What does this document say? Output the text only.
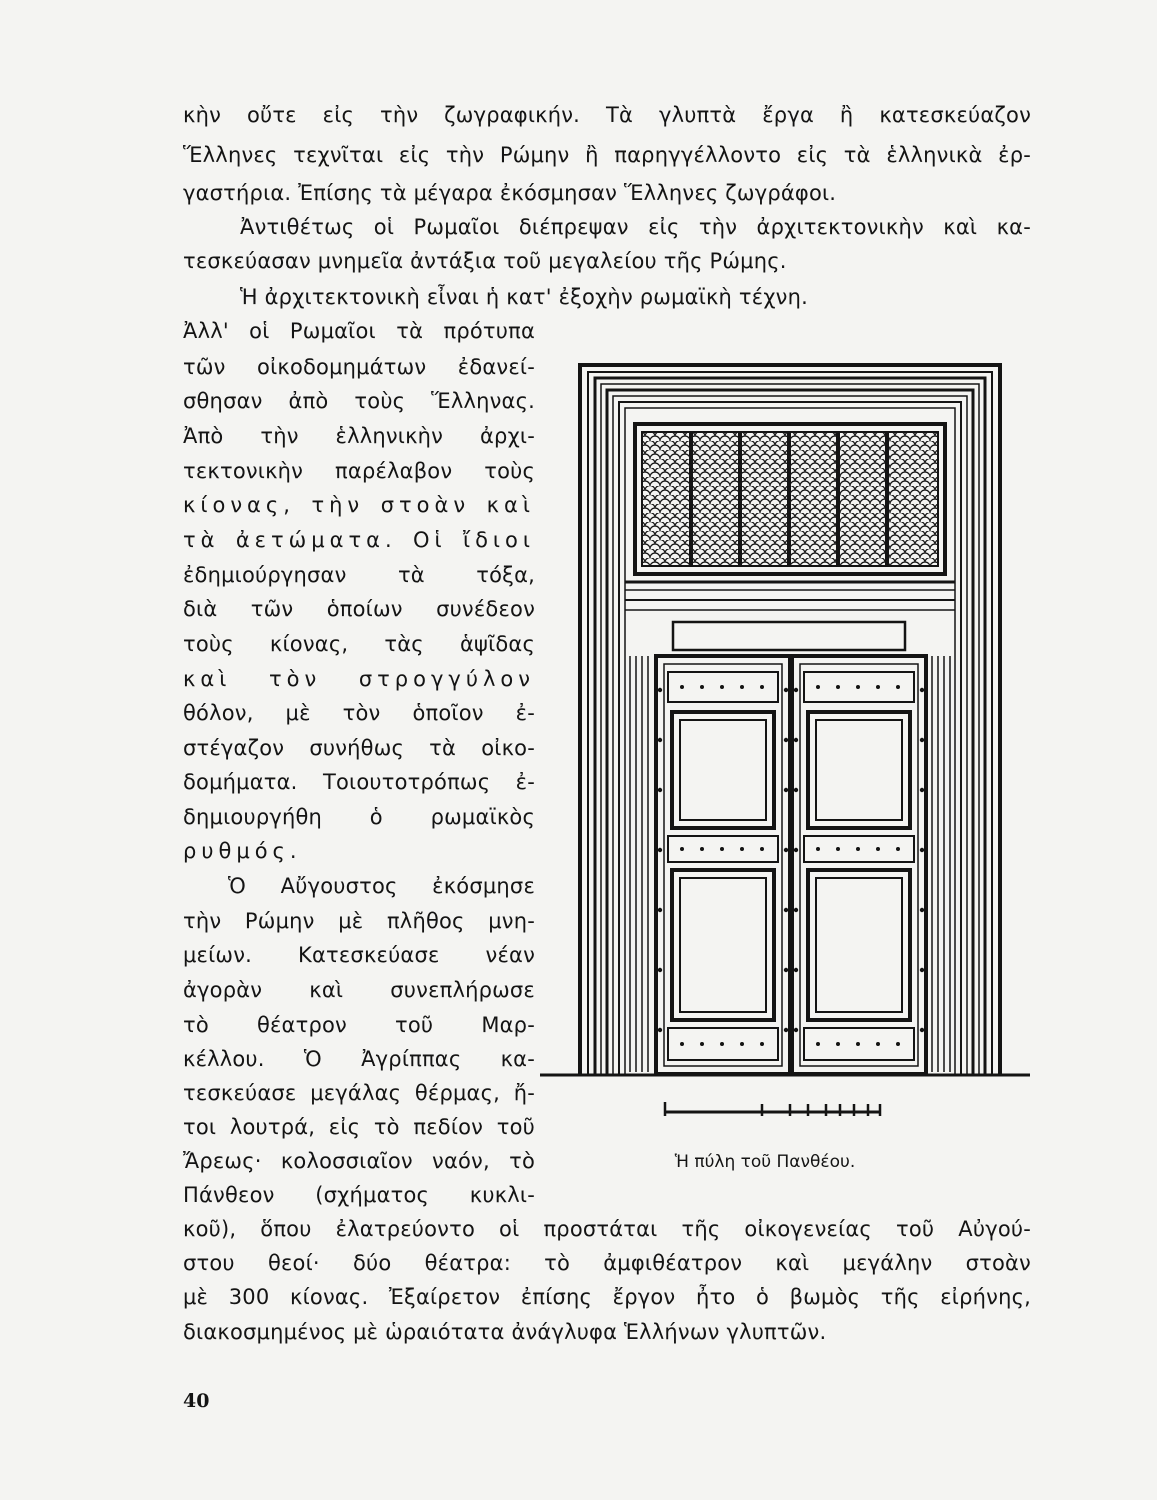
κὴν οὔτε εἰς τὴν ζωγραφικήν. Τὰ γλυπτὰ ἔργα ἢ κατεσκεύαζον

Ἕλληνες τεχνῖται εἰς τὴν Ρώμην ἢ παρηγγέλλοντο εἰς τὰ ἑλληνικὰ ἐρ-

γαστήρια. Ἐπίσης τὰ μέγαρα ἐκόσμησαν Ἕλληνες ζωγράφοι.

Ἀντιθέτως οἱ Ρωμαῖοι διέπρεψαν εἰς τὴν ἀρχιτεκτονικὴν καὶ κα-

τεσκεύασαν μνημεῖα ἀντάξια τοῦ μεγαλείου τῆς Ρώμης.

Ἡ ἀρχιτεκτονικὴ εἶναι ἡ κατ' ἐξοχὴν ρωμαϊκὴ τέχνη.

Ἀλλ' οἱ Ρωμαῖοι τὰ πρότυπα

τῶν οἰκοδομημάτων ἐδανεί-

σθησαν ἀπὸ τοὺς Ἕλληνας.

Ἀπὸ τὴν ἑλληνικὴν ἀρχι-

τεκτονικὴν παρέλαβον τοὺς

κίονας, τὴν στοὰν καὶ

τὰ ἀετώματα. Οἱ ἴδιοι

ἐδημιούργησαν τὰ τόξα,

διὰ τῶν ὁποίων συνέδεον

τοὺς κίονας, τὰς ἁψῖδας

καὶ τὸν στρογγύλον

θόλον, μὲ τὸν ὁποῖον ἐ-

στέγαζον συνήθως τὰ οἰκο-

δομήματα. Τοιουτοτρόπως ἐ-

δημιουργήθη ὁ ρωμαϊκὸς

ρυθμός.

Ὁ Αὔγουστος ἐκόσμησε

τὴν Ρώμην μὲ πλῆθος μνη-

μείων. Κατεσκεύασε νέαν

ἀγορὰν καὶ συνεπλήρωσε

τὸ θέατρον τοῦ Μαρ-

κέλλου. Ὁ Ἀγρίππας κα-

τεσκεύασε μεγάλας θέρμας, ἤ-

τοι λουτρά, εἰς τὸ πεδίον τοῦ

Ἄρεως· κολοσσιαῖον ναόν, τὸ

Πάνθεον (σχήματος κυκλι-

κοῦ), ὅπου ἐλατρεύοντο οἱ προστάται τῆς οἰκογενείας τοῦ Αὐγού-

στου θεοί· δύο θέατρα: τὸ ἀμφιθέατρον καὶ μεγάλην στοὰν

μὲ 300 κίονας. Ἐξαίρετον ἐπίσης ἔργον ἦτο ὁ βωμὸς τῆς εἰρήνης,

διακοσμημένος μὲ ὡραιότατα ἀνάγλυφα Ἑλλήνων γλυπτῶν.

Ἡ πύλη τοῦ Πανθέου.

40
